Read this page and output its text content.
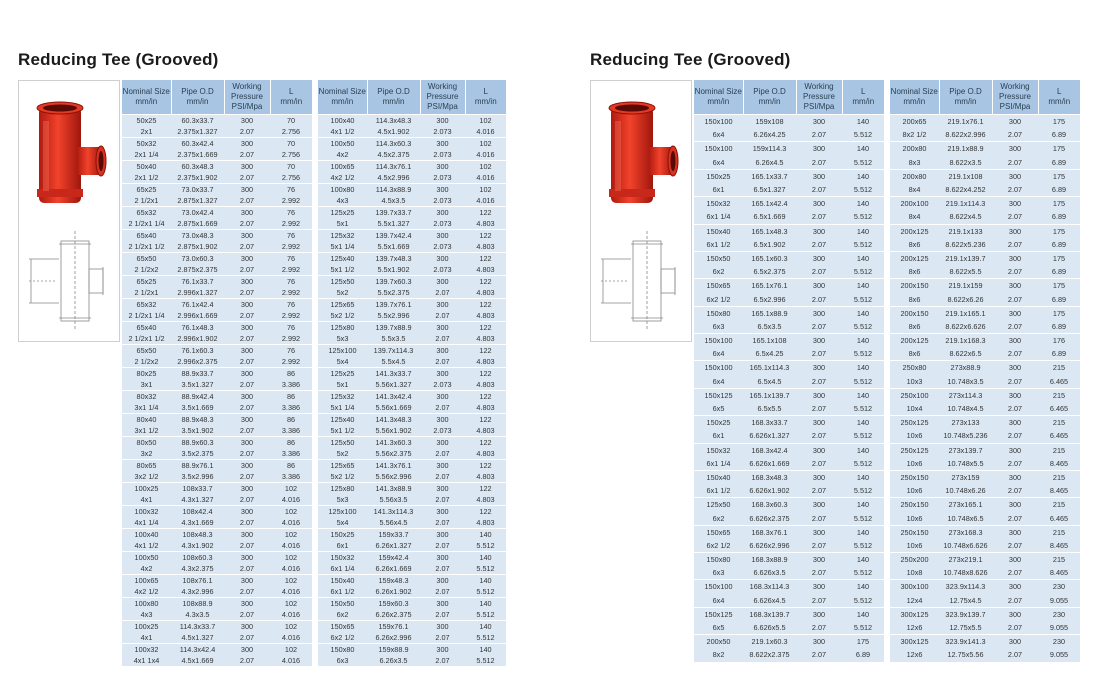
Reducing Tee (Grooved)	Reducing Tee (Grooved)
Nominal Size
mm/in	Pipe O.D
mm/in	Working
Pressure
PSI/Mpa	L
mm/in
50x25	60.3x33.7	300	70
2x1	2.375x1.327	2.07	2.756
50x32	60.3x42.4	300	70
2x1 1/4	2.375x1.669	2.07	2.756
50x40	60.3x48.3	300	70
2x1 1/2	2.375x1.902	2.07	2.756
65x25	73.0x33.7	300	76
2 1/2x1	2.875x1.327	2.07	2.992
65x32	73.0x42.4	300	76
2 1/2x1 1/4	2.875x1.669	2.07	2.992
65x40	73.0x48.3	300	76
2 1/2x1 1/2	2.875x1.902	2.07	2.992
65x50	73.0x60.3	300	76
2 1/2x2	2.875x2.375	2.07	2.992
65x25	76.1x33.7	300	76
2 1/2x1	2.996x1.327	2.07	2.992
65x32	76.1x42.4	300	76
2 1/2x1 1/4	2.996x1.669	2.07	2.992
65x40	76.1x48.3	300	76
2 1/2x1 1/2	2.996x1.902	2.07	2.992
65x50	76.1x60.3	300	76
2 1/2x2	2.996x2.375	2.07	2.992
80x25	88.9x33.7	300	86
3x1	3.5x1.327	2.07	3.386
80x32	88.9x42.4	300	86
3x1 1/4	3.5x1.669	2.07	3.386
80x40	88.9x48.3	300	86
3x1 1/2	3.5x1.902	2.07	3.386
80x50	88.9x60.3	300	86
3x2	3.5x2.375	2.07	3.386
80x65	88.9x76.1	300	86
3x2 1/2	3.5x2.996	2.07	3.386
100x25	108x33.7	300	102
4x1	4.3x1.327	2.07	4.016
100x32	108x42.4	300	102
4x1 1/4	4.3x1.669	2.07	4.016
100x40	108x48.3	300	102
4x1 1/2	4.3x1.902	2.07	4.016
100x50	108x60.3	300	102
4x2	4.3x2.375	2.07	4.016
100x65	108x76.1	300	102
4x2 1/2	4.3x2.996	2.07	4.016
100x80	108x88.9	300	102
4x3	4.3x3.5	2.07	4.016
100x25	114.3x33.7	300	102
4x1	4.5x1.327	2.07	4.016
100x32	114.3x42.4	300	102
4x1 1x4	4.5x1.669	2.07	4.016
Nominal Size
mm/in	Pipe O.D
mm/in	Working
Pressure
PSI/Mpa	L
mm/in
100x40	114.3x48.3	300	102
4x1 1/2	4.5x1.902	2.073	4.016
100x50	114.3x60.3	300	102
4x2	4.5x2.375	2.073	4.016
100x65	114.3x76.1	300	102
4x2 1/2	4.5x2.996	2.073	4.016
100x80	114.3x88.9	300	102
4x3	4.5x3.5	2.073	4.016
125x25	139.7x33.7	300	122
5x1	5.5x1.327	2.073	4.803
125x32	139.7x42.4	300	122
5x1 1/4	5.5x1.669	2.073	4.803
125x40	139.7x48.3	300	122
5x1 1/2	5.5x1.902	2.073	4.803
125x50	139.7x60.3	300	122
5x2	5.5x2.375	2.07	4.803
125x65	139.7x76.1	300	122
5x2 1/2	5.5x2.996	2.07	4.803
125x80	139.7x88.9	300	122
5x3	5.5x3.5	2.07	4.803
125x100	139.7x114.3	300	122
5x4	5.5x4.5	2.07	4.803
125x25	141.3x33.7	300	122
5x1	5.56x1.327	2.073	4.803
125x32	141.3x42.4	300	122
5x1 1/4	5.56x1.669	2.07	4.803
125x40	141.3x48.3	300	122
5x1 1/2	5.56x1.902	2.073	4.803
125x50	141.3x60.3	300	122
5x2	5.56x2.375	2.07	4.803
125x65	141.3x76.1	300	122
5x2 1/2	5.56x2.996	2.07	4.803
125x80	141.3x88.9	300	122
5x3	5.56x3.5	2.07	4.803
125x100	141.3x114.3	300	122
5x4	5.56x4.5	2.07	4.803
150x25	159x33.7	300	140
6x1	6.26x1.327	2.07	5.512
150x32	159x42.4	300	140
6x1 1/4	6.26x1.669	2.07	5.512
150x40	159x48.3	300	140
6x1 1/2	6.26x1.902	2.07	5.512
150x50	159x60.3	300	140
6x2	6.26x2.375	2.07	5.512
150x65	159x76.1	300	140
6x2 1/2	6.26x2.996	2.07	5.512
150x80	159x88.9	300	140
6x3	6.26x3.5	2.07	5.512
Nominal Size
mm/in	Pipe O.D
mm/in	Working
Pressure
PSI/Mpa	L
mm/in
150x100	159x108	300	140
6x4	6.26x4.25	2.07	5.512
150x100	159x114.3	300	140
6x4	6.26x4.5	2.07	5.512
150x25	165.1x33.7	300	140
6x1	6.5x1.327	2.07	5.512
150x32	165.1x42.4	300	140
6x1 1/4	6.5x1.669	2.07	5.512
150x40	165.1x48.3	300	140
6x1 1/2	6.5x1.902	2.07	5.512
150x50	165.1x60.3	300	140
6x2	6.5x2.375	2.07	5.512
150x65	165.1x76.1	300	140
6x2 1/2	6.5x2.996	2.07	5.512
150x80	165.1x88.9	300	140
6x3	6.5x3.5	2.07	5.512
150x100	165.1x108	300	140
6x4	6.5x4.25	2.07	5.512
150x100	165.1x114.3	300	140
6x4	6.5x4.5	2.07	5.512
150x125	165.1x139.7	300	140
6x5	6.5x5.5	2.07	5.512
150x25	168.3x33.7	300	140
6x1	6.626x1.327	2.07	5.512
150x32	168.3x42.4	300	140
6x1 1/4	6.626x1.669	2.07	5.512
150x40	168.3x48.3	300	140
6x1 1/2	6.626x1.902	2.07	5.512
125x50	168.3x60.3	300	140
6x2	6.626x2.375	2.07	5.512
150x65	168.3x76.1	300	140
6x2 1/2	6.626x2.996	2.07	5.512
150x80	168.3x88.9	300	140
6x3	6.626x3.5	2.07	5.512
150x100	168.3x114.3	300	140
6x4	6.626x4.5	2.07	5.512
150x125	168.3x139.7	300	140
6x5	6.626x5.5	2.07	5.512
200x50	219.1x60.3	300	175
8x2	8.622x2.375	2.07	6.89
Nominal Size
mm/in	Pipe O.D
mm/in	Working
Pressure
PSI/Mpa	L
mm/in
200x65	219.1x76.1	300	175
8x2 1/2	8.622x2.996	2.07	6.89
200x80	219.1x88.9	300	175
8x3	8.622x3.5	2.07	6.89
200x80	219.1x108	300	175
8x4	8.622x4.252	2.07	6.89
200x100	219.1x114.3	300	175
8x4	8.622x4.5	2.07	6.89
200x125	219.1x133	300	175
8x6	8.622x5.236	2.07	6.89
200x125	219.1x139.7	300	175
8x6	8.622x5.5	2.07	6.89
200x150	219.1x159	300	175
8x6	8.622x6.26	2.07	6.89
200x150	219.1x165.1	300	175
8x6	8.622x6.626	2.07	6.89
200x125	219.1x168.3	300	176
8x6	8.622x6.5	2.07	6.89
250x80	273x88.9	300	215
10x3	10.748x3.5	2.07	6.465
250x100	273x114.3	300	215
10x4	10.748x4.5	2.07	6.465
250x125	273x133	300	215
10x6	10.748x5.236	2.07	6.465
250x125	273x139.7	300	215
10x6	10.748x5.5	2.07	8.465
250x150	273x159	300	215
10x6	10.748x6.26	2.07	8.465
250x150	273x165.1	300	215
10x6	10.748x6.5	2.07	6.465
250x150	273x168.3	300	215
10x6	10.748x6.626	2.07	8.465
250x200	273x219.1	300	215
10x8	10.748x8.626	2.07	8.465
300x100	323.9x114.3	300	230
12x4	12.75x4.5	2.07	9.055
300x125	323.9x139.7	300	230
12x6	12.75x5.5	2.07	9.055
300x125	323.9x141.3	300	230
12x6	12.75x5.56	2.07	9.055
